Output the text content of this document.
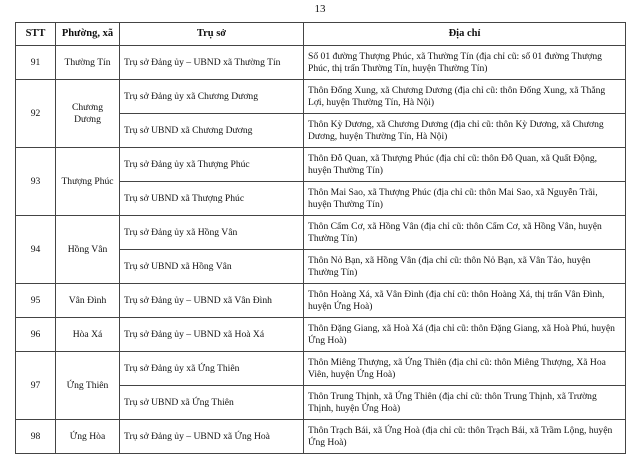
13
STT	Phường, xã	Trụ sở	Địa chỉ
91	Thường Tín	Trụ sở Đảng ủy – UBND xã Thường Tín	Số 01 đường Thượng Phúc, xã Thường Tín (địa chỉ cũ: số 01 đường Thượng Phúc, thị trấn Thường Tín, huyện Thường Tín)
92	Chương Dương	Trụ sở Đảng ủy xã Chương Dương	Thôn Đống Xung, xã Chương Dương (địa chỉ cũ: thôn Đống Xung, xã Thắng Lợi, huyện Thường Tín, Hà Nội)
		Trụ sở UBND xã Chương Dương	Thôn Kỳ Dương, xã Chương Dương (địa chỉ cũ: thôn Kỳ Dương, xã Chương Dương, huyện Thường Tín, Hà Nội)
93	Thượng Phúc	Trụ sở Đảng ủy xã Thượng Phúc	Thôn Đỗ Quan, xã Thượng Phúc (địa chỉ cũ: thôn Đỗ Quan, xã Quất Động, huyện Thường Tín)
		Trụ sở UBND xã Thượng Phúc	Thôn Mai Sao, xã Thượng Phúc (địa chỉ cũ: thôn Mai Sao, xã Nguyễn Trãi, huyện Thường Tín)
94	Hồng Vân	Trụ sở Đảng ủy xã Hồng Vân	Thôn Cẩm Cơ, xã Hồng Vân (địa chỉ cũ: thôn Cẩm Cơ, xã Hồng Vân, huyện Thường Tín)
		Trụ sở UBND xã Hồng Vân	Thôn Nỏ Bạn, xã Hồng Vân (địa chỉ cũ: thôn Nỏ Bạn, xã Vân Tảo, huyện Thường Tín)
95	Vân Đình	Trụ sở Đảng ủy – UBND xã Vân Đình	Thôn Hoàng Xá, xã Vân Đình (địa chỉ cũ: thôn Hoàng Xá, thị trấn Vân Đình, huyện Ứng Hoà)
96	Hòa Xá	Trụ sở Đảng ủy – UBND xã Hoà Xá	Thôn Đặng Giang, xã Hoà Xá (địa chỉ cũ: thôn Đặng Giang, xã Hoà Phú, huyện Ứng Hoà)
97	Ứng Thiên	Trụ sở Đảng ủy xã Ứng Thiên	Thôn Miêng Thượng, xã Ứng Thiên (địa chỉ cũ: thôn Miêng Thượng, Xã Hoa Viên, huyện Ứng Hoà)
		Trụ sở UBND xã Ứng Thiên	Thôn Trung Thịnh, xã Ứng Thiên (địa chỉ cũ: thôn Trung Thịnh, xã Trường Thịnh, huyện Ứng Hoà)
98	Ứng Hòa	Trụ sở Đảng ủy – UBND xã Ứng Hoà	Thôn Trạch Bái, xã Ứng Hoà (địa chỉ cũ: thôn Trạch Bái, xã Trầm Lộng, huyện Ứng Hoà)
